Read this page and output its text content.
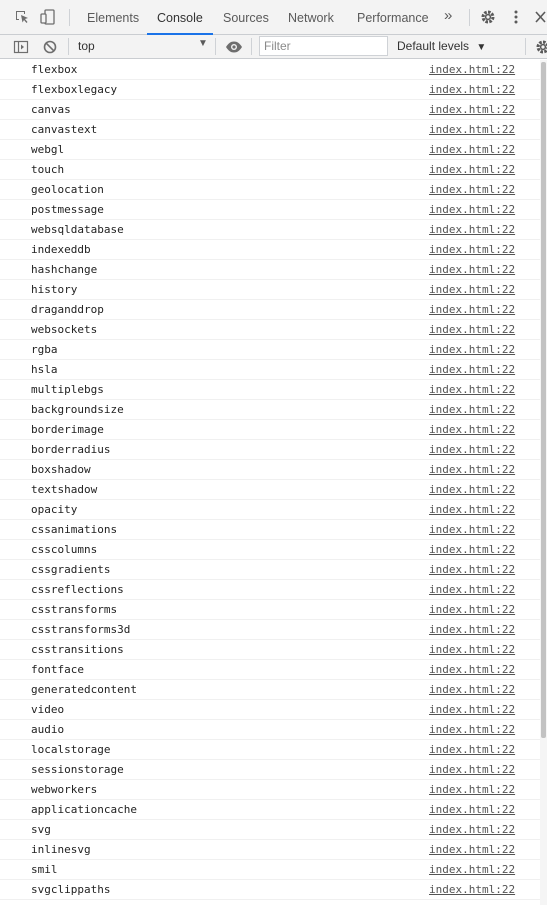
Elements Console Sources Network Performance »
top	▼
Filter	Default levels ▼
flexbox	index.html:22
flexboxlegacy	index.html:22
canvas	index.html:22
canvastext	index.html:22
webgl	index.html:22
touch	index.html:22
geolocation	index.html:22
postmessage	index.html:22
websqldatabase	index.html:22
indexeddb	index.html:22
hashchange	index.html:22
history	index.html:22
draganddrop	index.html:22
websockets	index.html:22
rgba	index.html:22
hsla	index.html:22
multiplebgs	index.html:22
backgroundsize	index.html:22
borderimage	index.html:22
borderradius	index.html:22
boxshadow	index.html:22
textshadow	index.html:22
opacity	index.html:22
cssanimations	index.html:22
csscolumns	index.html:22
cssgradients	index.html:22
cssreflections	index.html:22
csstransforms	index.html:22
csstransforms3d	index.html:22
csstransitions	index.html:22
fontface	index.html:22
generatedcontent	index.html:22
video	index.html:22
audio	index.html:22
localstorage	index.html:22
sessionstorage	index.html:22
webworkers	index.html:22
applicationcache	index.html:22
svg	index.html:22
inlinesvg	index.html:22
smil	index.html:22
svgclippaths	index.html:22
